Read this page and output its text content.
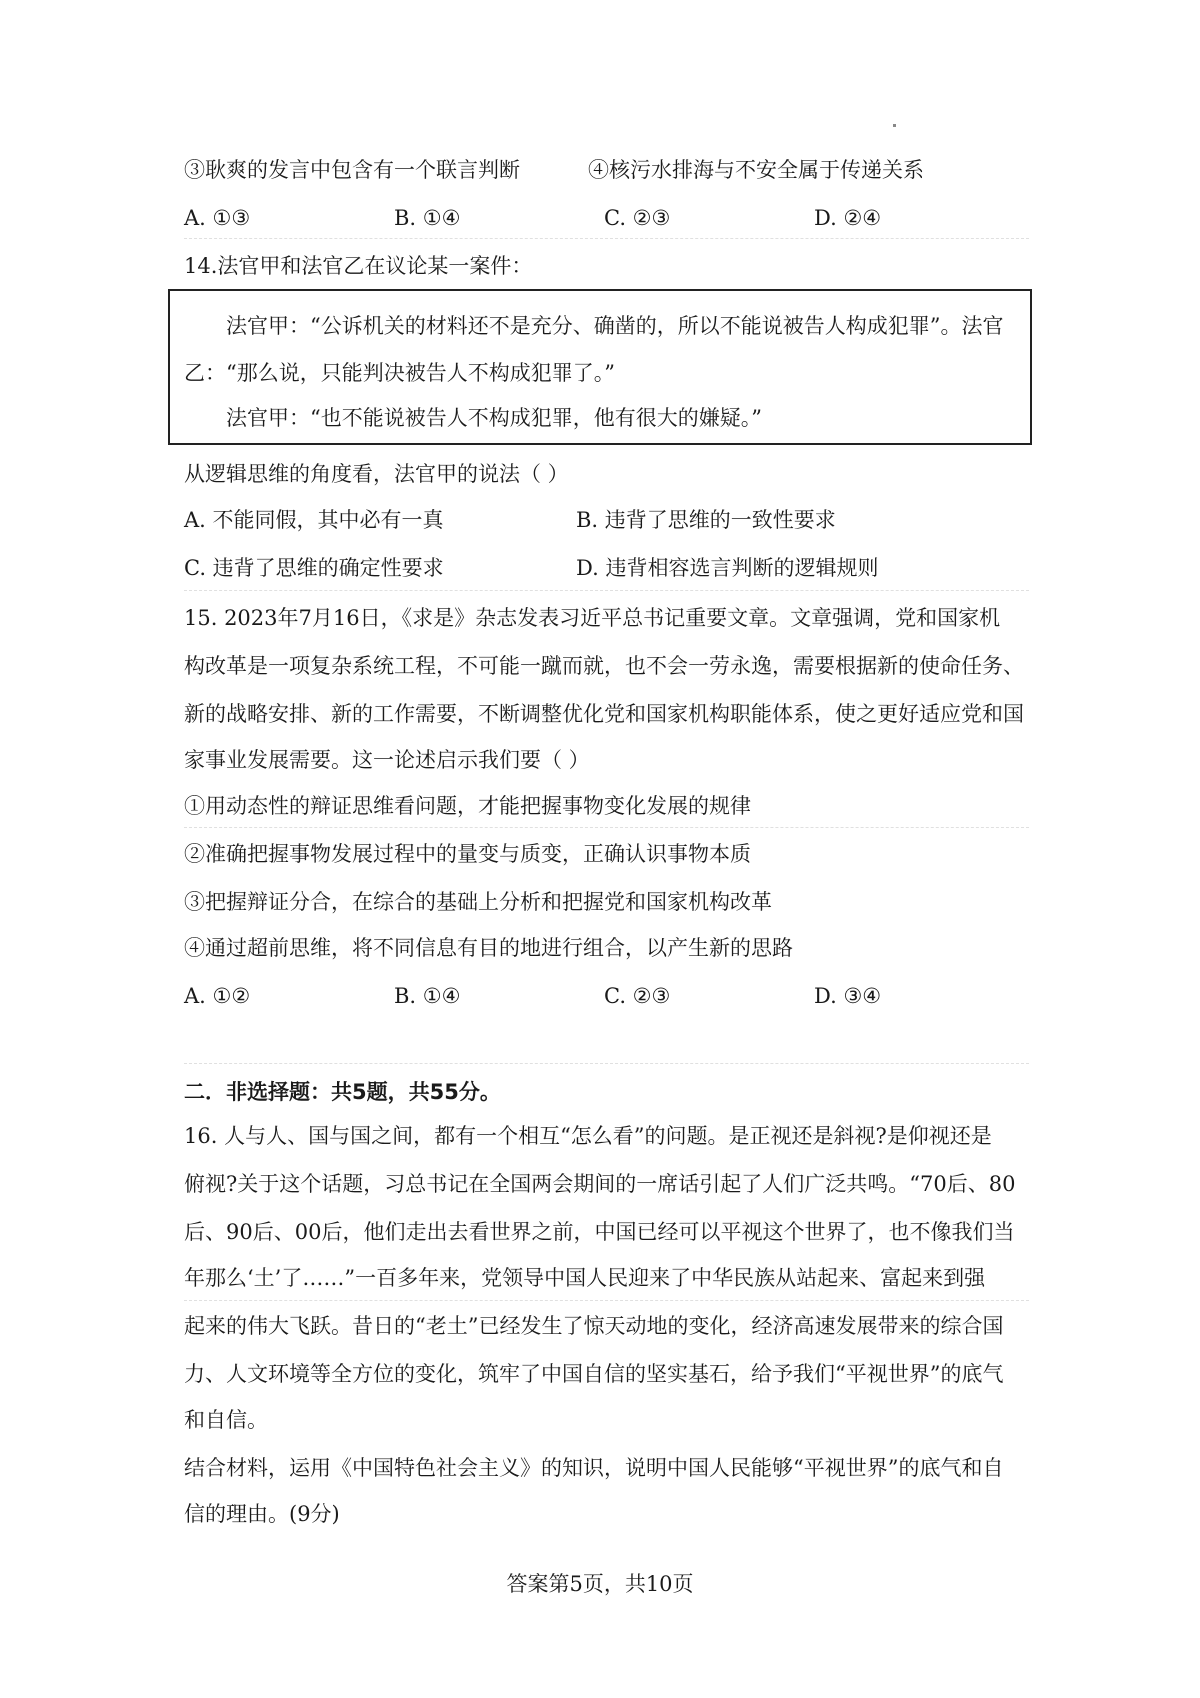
③耿爽的发言中包含有一个联言判断	④核污水排海与不安全属于传递关系
A. ①③	B. ①④	C. ②③	D. ②④
14.法官甲和法官乙在议论某一案件：
法官甲：“公诉机关的材料还不是充分、确凿的，所以不能说被告人构成犯罪”。法官
乙：“那么说，只能判决被告人不构成犯罪了。”
法官甲：“也不能说被告人不构成犯罪，他有很大的嫌疑。”
从逻辑思维的角度看，法官甲的说法（ ）
A. 不能同假，其中必有一真	B. 违背了思维的一致性要求
C. 违背了思维的确定性要求	D. 违背相容选言判断的逻辑规则
15. 2023年7月16日，《求是》杂志发表习近平总书记重要文章。文章强调，党和国家机
构改革是一项复杂系统工程，不可能一蹴而就，也不会一劳永逸，需要根据新的使命任务、
新的战略安排、新的工作需要，不断调整优化党和国家机构职能体系，使之更好适应党和国
家事业发展需要。这一论述启示我们要（ ）
①用动态性的辩证思维看问题，才能把握事物变化发展的规律
②准确把握事物发展过程中的量变与质变，正确认识事物本质
③把握辩证分合，在综合的基础上分析和把握党和国家机构改革
④通过超前思维，将不同信息有目的地进行组合，以产生新的思路
A. ①②	B. ①④	C. ②③	D. ③④
二．非选择题：共5题，共55分。
16. 人与人、国与国之间，都有一个相互“怎么看”的问题。是正视还是斜视?是仰视还是
俯视?关于这个话题，习总书记在全国两会期间的一席话引起了人们广泛共鸣。“70后、80
后、90后、00后，他们走出去看世界之前，中国已经可以平视这个世界了，也不像我们当
年那么‘土’了……”一百多年来，党领导中国人民迎来了中华民族从站起来、富起来到强
起来的伟大飞跃。昔日的“老土”已经发生了惊天动地的变化，经济高速发展带来的综合国
力、人文环境等全方位的变化，筑牢了中国自信的坚实基石，给予我们“平视世界”的底气
和自信。
结合材料，运用《中国特色社会主义》的知识，说明中国人民能够“平视世界”的底气和自
信的理由。(9分)
答案第5页，共10页
